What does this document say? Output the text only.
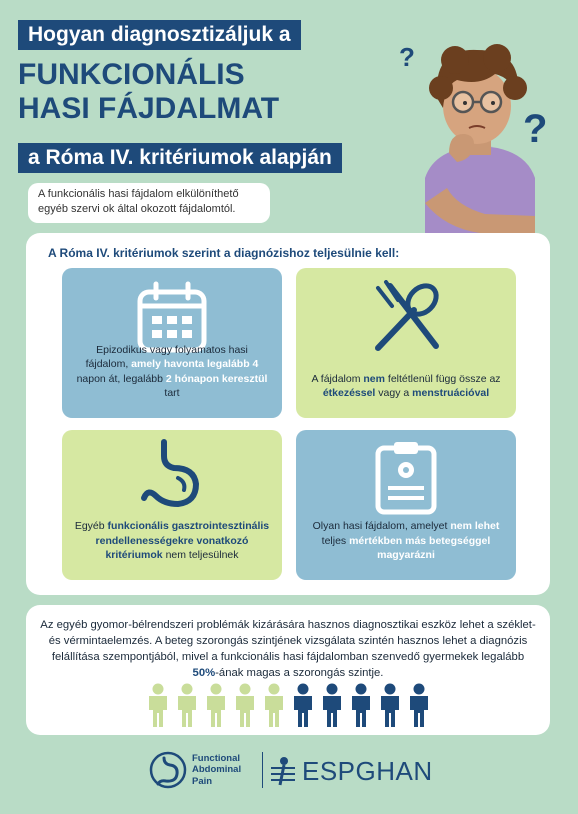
Hogyan diagnosztizáljuk a
FUNKCIONÁLIS
HASI FÁJDALMAT
a Róma IV. kritériumok alapján
?
?
A funkcionális hasi fájdalom elkülöníthető egyéb szervi ok által okozott fájdalomtól.
A Róma IV. kritériumok szerint a diagnózishoz teljesülnie kell:
Epizodikus vagy folyamatos hasi fájdalom, amely havonta legalább 4 napon át, legalább 2 hónapon keresztül tart
A fájdalom nem feltétlenül függ össze az étkezéssel vagy a menstruációval
Egyéb funkcionális gasztrointesztinális rendellenességekre vonatkozó kritériumok nem teljesülnek
Olyan hasi fájdalom, amelyet nem lehet teljes mértékben más betegséggel magyarázni
Az egyéb gyomor-bélrendszeri problémák kizárására hasznos diagnosztikai eszköz lehet a széklet- és vérmintaelemzés. A beteg szorongás szintjének vizsgálata szintén hasznos lehet a diagnózis felállítása szempontjából, mivel a funkcionális hasi fájdalomban szenvedő gyermekek legalább 50%-ának magas a szorongás szintje.
Functional
Abdominal
Pain	ESPGHAN
